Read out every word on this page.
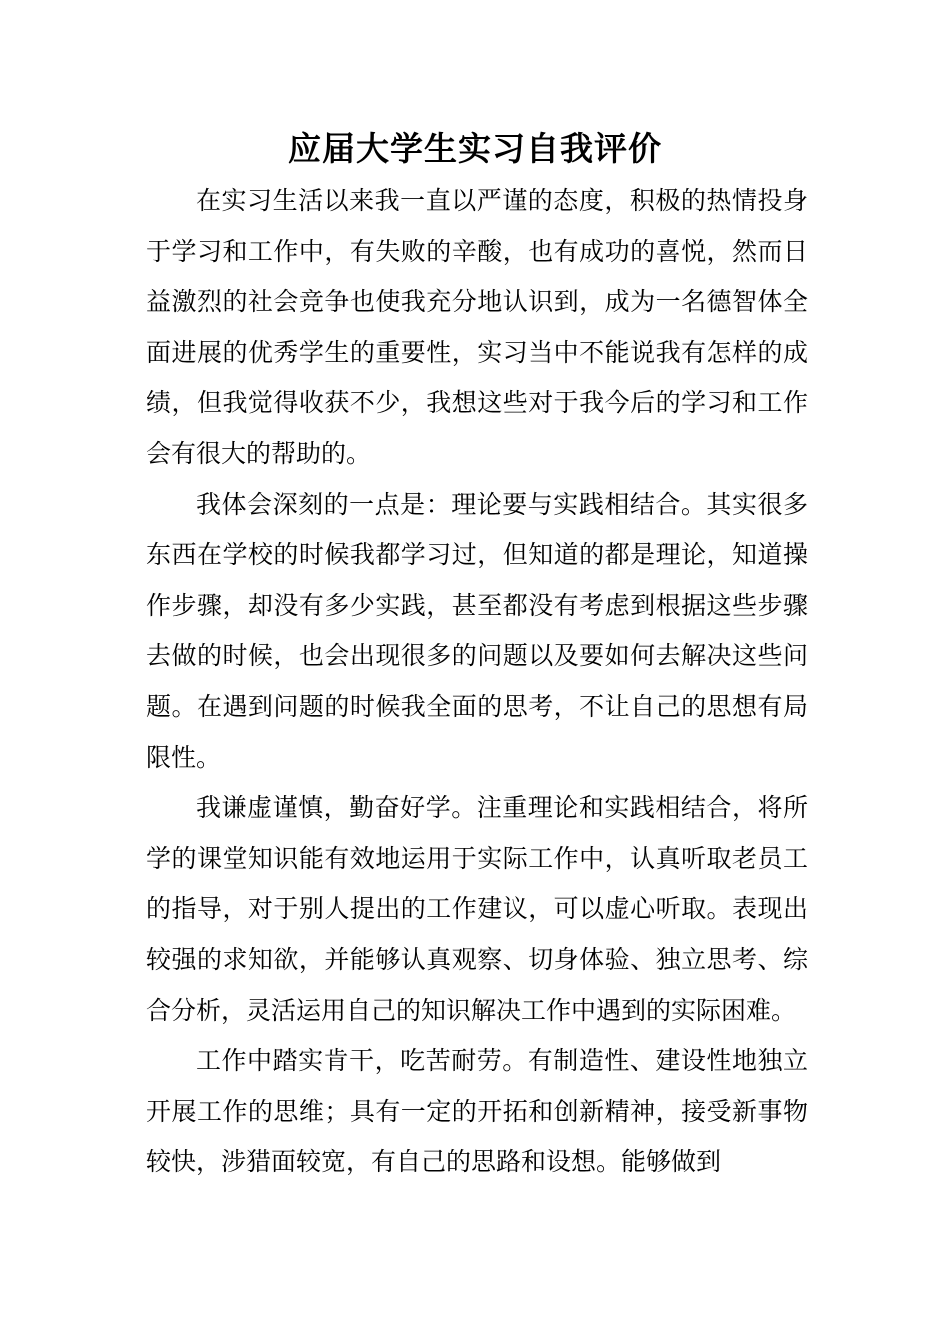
应届大学生实习自我评价

在实习生活以来我一直以严谨的态度，积极的热情投身于学习和工作中，有失败的辛酸，也有成功的喜悦，然而日益激烈的社会竞争也使我充分地认识到，成为一名德智体全面进展的优秀学生的重要性，实习当中不能说我有怎样的成绩，但我觉得收获不少，我想这些对于我今后的学习和工作会有很大的帮助的。

我体会深刻的一点是：理论要与实践相结合。其实很多东西在学校的时候我都学习过，但知道的都是理论，知道操作步骤，却没有多少实践，甚至都没有考虑到根据这些步骤去做的时候，也会出现很多的问题以及要如何去解决这些问题。在遇到问题的时候我全面的思考，不让自己的思想有局限性。

我谦虚谨慎，勤奋好学。注重理论和实践相结合，将所学的课堂知识能有效地运用于实际工作中，认真听取老员工的指导，对于别人提出的工作建议，可以虚心听取。表现出较强的求知欲，并能够认真观察、切身体验、独立思考、综合分析，灵活运用自己的知识解决工作中遇到的实际困难。

工作中踏实肯干，吃苦耐劳。有制造性、建设性地独立开展工作的思维；具有一定的开拓和创新精神，接受新事物较快，涉猎面较宽，有自己的思路和设想。能够做到
